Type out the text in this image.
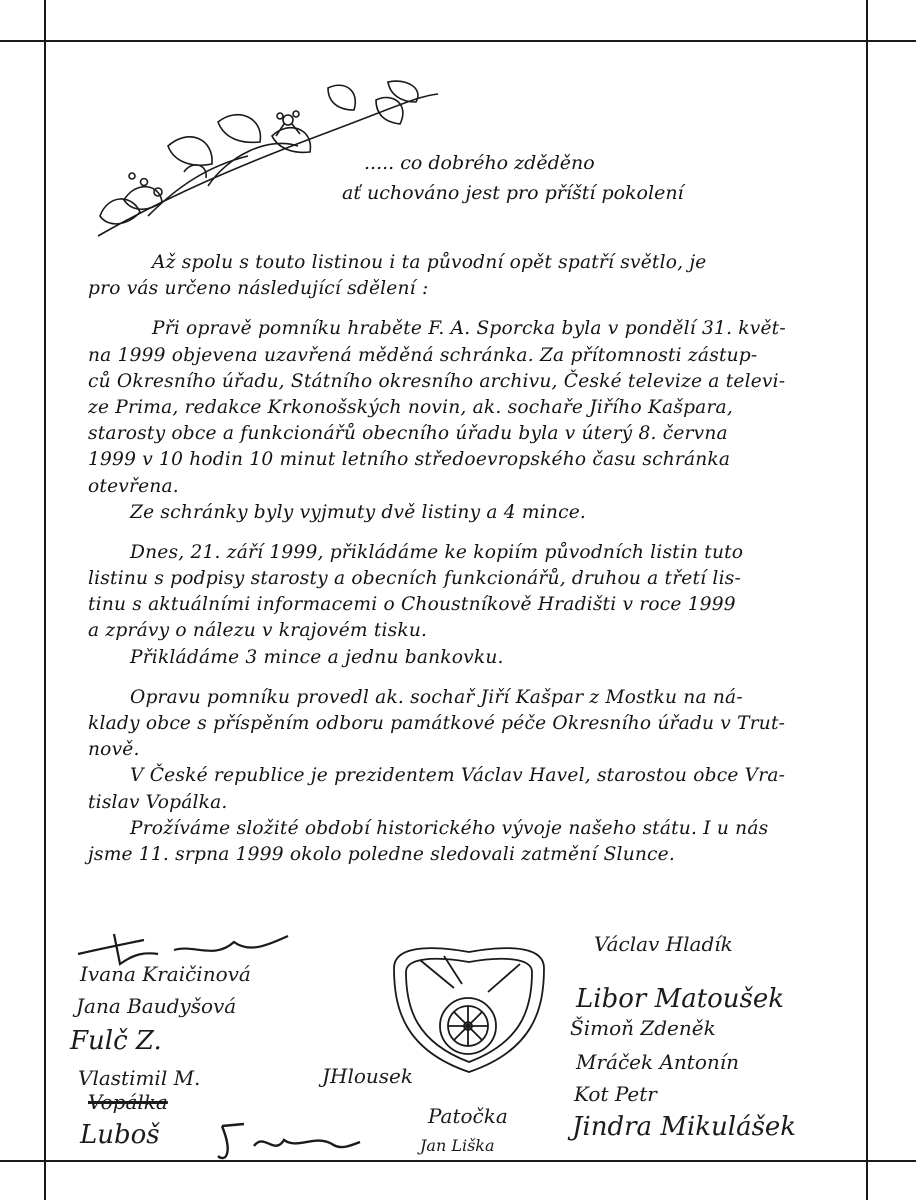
..... co dobrého zděděno
ať uchováno jest pro příští pokolení
Až spolu s touto listinou i ta původní opět spatří světlo, je
pro vás určeno následující sdělení :
Při opravě pomníku hraběte F. A. Sporcka byla v pondělí 31. květ-
na 1999 objevena uzavřená měděná schránka. Za přítomnosti zástup-
ců Okresního úřadu, Státního okresního archivu, České televize a televi-
ze Prima, redakce Krkonošských novin, ak. sochaře Jiřího Kašpara,
starosty obce a funkcionářů obecního úřadu byla v úterý 8. června
1999 v 10 hodin 10 minut letního středoevropského času schránka
otevřena.
Ze schránky byly vyjmuty dvě listiny a 4 mince.
Dnes, 21. září 1999, přikládáme ke kopiím původních listin tuto
listinu s podpisy starosty a obecních funkcionářů, druhou a třetí lis-
tinu s aktuálními informacemi o Choustníkově Hradišti v roce 1999
a zprávy o nálezu v krajovém tisku.
Přikládáme 3 mince a jednu bankovku.
Opravu pomníku provedl ak. sochař Jiří Kašpar z Mostku na ná-
klady obce s příspěním odboru památkové péče Okresního úřadu v Trut-
nově.
V České republice je prezidentem Václav Havel, starostou obce Vra-
tislav Vopálka.
Prožíváme složité období historického vývoje našeho státu. I u nás
jsme 11. srpna 1999 okolo poledne sledovali zatmění Slunce.
Ivana Kraičinová
Jana Baudyšová
Fulč Z.
Vlastimil M.
Vopálka
Luboš
JHlousek
Patočka
Jan Liška
Václav Hladík
Libor Matoušek
Šimoň Zdeněk
Mráček Antonín
Kot Petr
Jindra Mikulášek
